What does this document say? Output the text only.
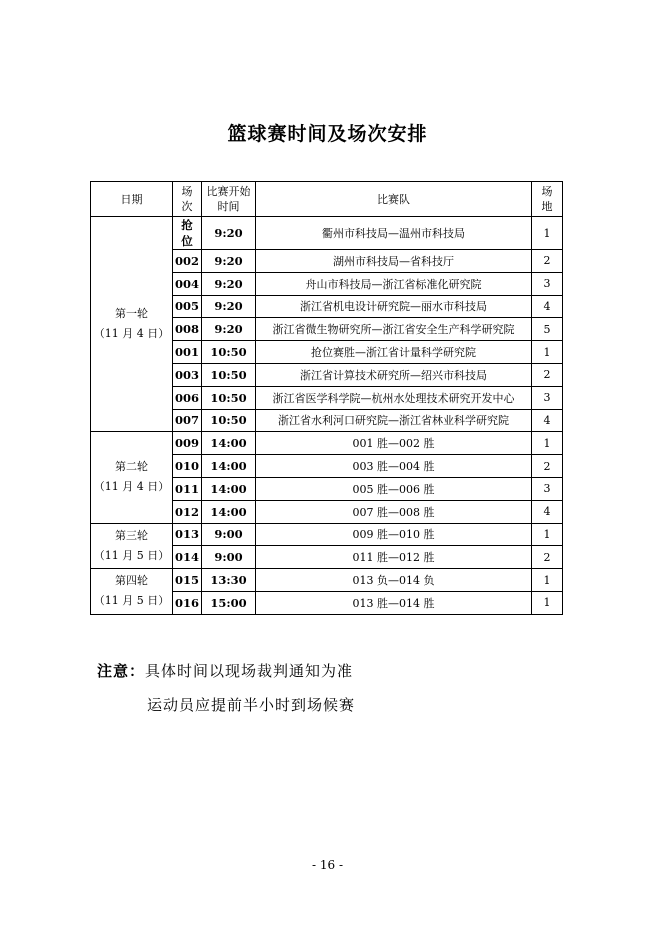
篮球赛时间及场次安排
日期	场次	比赛开始时间	比赛队	场地

第一轮
（11 月 4 日）	抢位	9:20	衢州市科技局—温州市科技局	1
	002	9:20	湖州市科技局—省科技厅	2
	004	9:20	舟山市科技局—浙江省标准化研究院	3
	005	9:20	浙江省机电设计研究院—丽水市科技局	4
	008	9:20	浙江省微生物研究所—浙江省安全生产科学研究院	5
	001	10:50	抢位赛胜—浙江省计量科学研究院	1
	003	10:50	浙江省计算技术研究所—绍兴市科技局	2
	006	10:50	浙江省医学科学院—杭州水处理技术研究开发中心	3
	007	10:50	浙江省水利河口研究院—浙江省林业科学研究院	4

第二轮
（11 月 4 日）	009	14:00	001 胜—002 胜	1
	010	14:00	003 胜—004 胜	2
	011	14:00	005 胜—006 胜	3
	012	14:00	007 胜—008 胜	4

第三轮
（11 月 5 日）	013	9:00	009 胜—010 胜	1
	014	9:00	011 胜—012 胜	2

第四轮
（11 月 5 日）	015	13:30	013 负—014 负	1
	016	15:00	013 胜—014 胜	1
注意：具体时间以现场裁判通知为准
运动员应提前半小时到场候赛
- 16 -
